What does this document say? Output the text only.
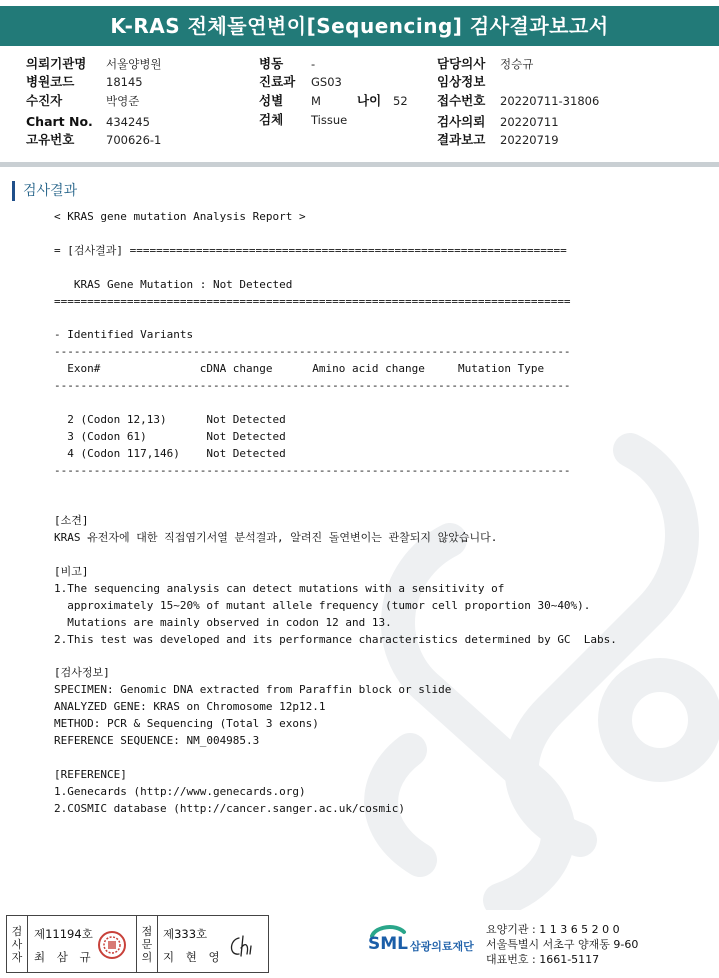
K-RAS 전체돌연변이[Sequencing] 검사결과보고서
의뢰기관명 서울양병원
병원코드	18145
수진자	박영준
Chart No. 434245
고유번호	700626-1
병동 -
진료과 GS03
성별 M	나이 52
검체 Tissue
담당의사 정승규
임상정보
접수번호 20220711-31806
검사의뢰 20220711
결과보고 20220719
검사결과
< KRAS gene mutation Analysis Report >

= [검사결과] ==================================================================

KRAS Gene Mutation : Not Detected
==============================================================================

- Identified Variants
------------------------------------------------------------------------------
Exon#               cDNA change      Amino acid change     Mutation Type
------------------------------------------------------------------------------

2 (Codon 12,13)      Not Detected
3 (Codon 61)         Not Detected
4 (Codon 117,146)    Not Detected
------------------------------------------------------------------------------

[소견]
KRAS 유전자에 대한 직접염기서열 분석결과, 알려진 돌연변이는 관찰되지 않았습니다.

[비고]
1.The sequencing analysis can detect mutations with a sensitivity of
approximately 15~20% of mutant allele frequency (tumor cell proportion 30~40%).
Mutations are mainly observed in codon 12 and 13.
2.This test was developed and its performance characteristics determined by GC  Labs.

[검사정보]
SPECIMEN: Genomic DNA extracted from Paraffin block or slide
ANALYZED GENE: KRAS on Chromosome 12p12.1
METHOD: PCR & Sequencing (Total 3 exons)
REFERENCE SEQUENCE: NM_004985.3

[REFERENCE]
1.Genecards (http://www.genecards.org)
2.COSMIC database (http://cancer.sanger.ac.uk/cosmic)
검
사
자
제11194호
최 삼 규
점
문
의
제333호
지 현 영
SML 삼광의료재단
요양기관 : 1 1 3 6 5 2 0 0
서울특별시 서초구 양재동 9-60
대표번호 : 1661-5117
